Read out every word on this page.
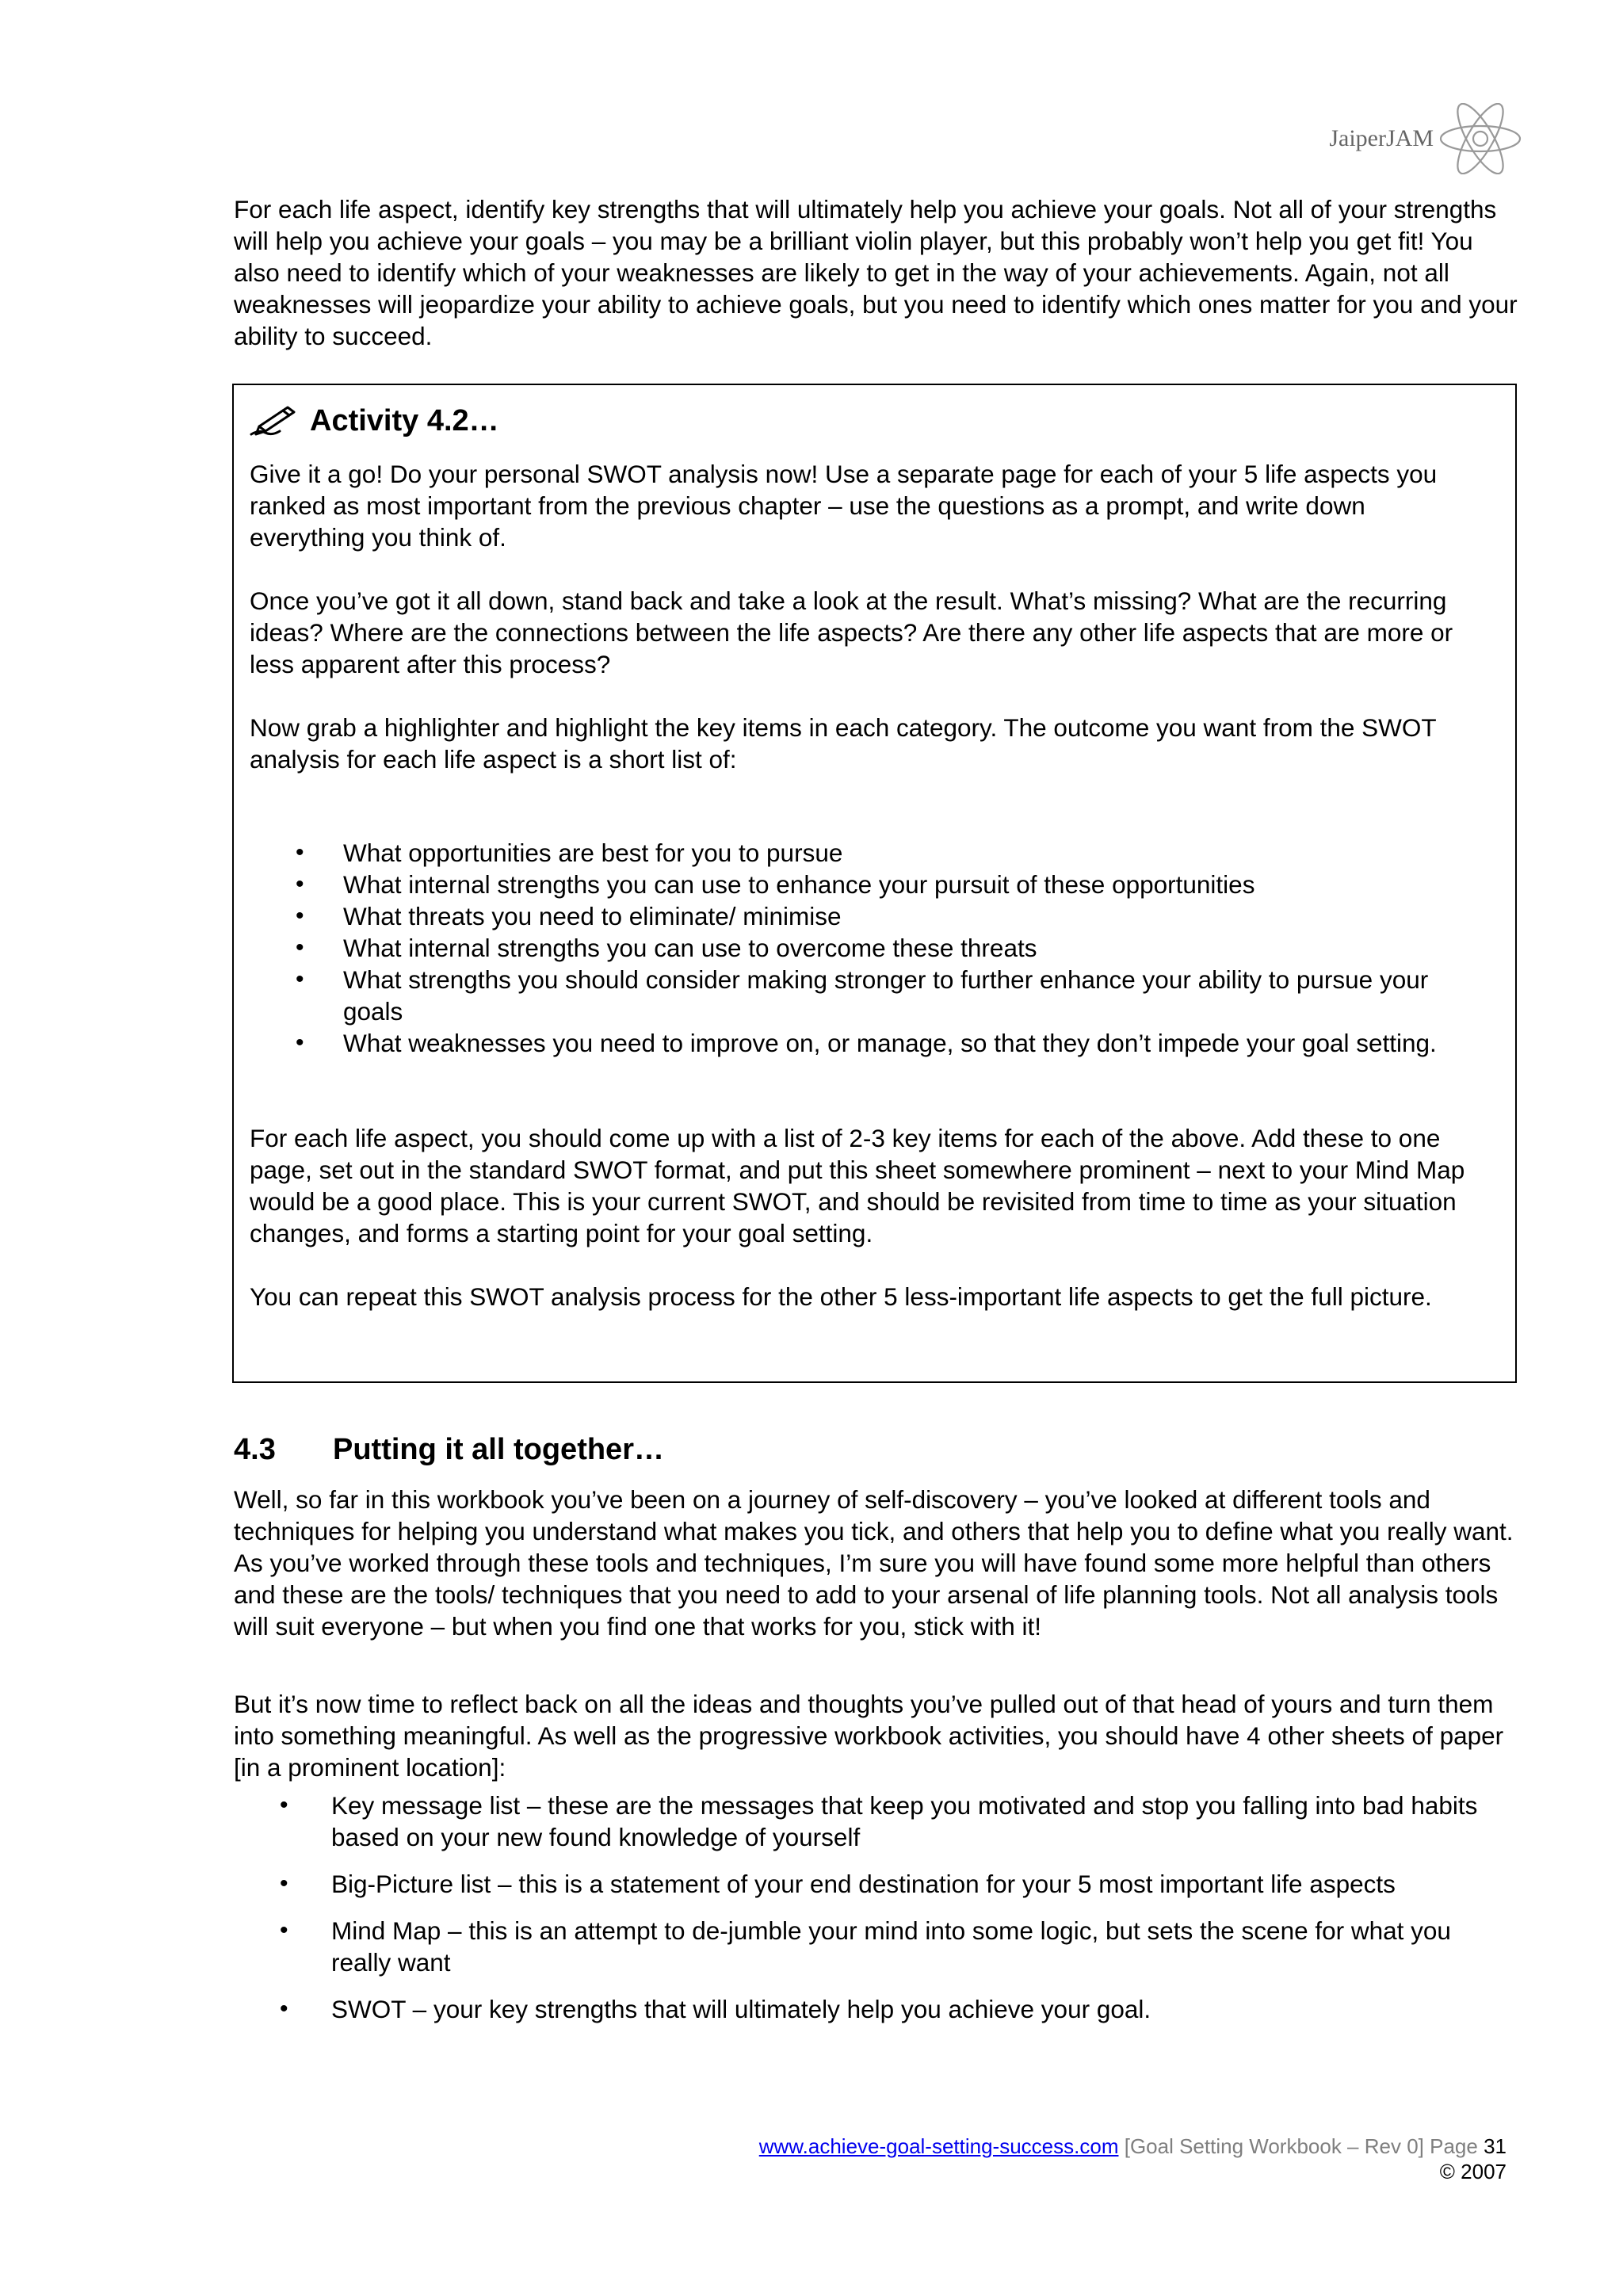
JaiperJAM

For each life aspect, identify key strengths that will ultimately help you achieve your goals. Not all of your strengths will help you achieve your goals – you may be a brilliant violin player, but this probably won’t help you get fit! You also need to identify which of your weaknesses are likely to get in the way of your achievements. Again, not all weaknesses will jeopardize your ability to achieve goals, but you need to identify which ones matter for you and your ability to succeed.

Activity 4.2…

Give it a go! Do your personal SWOT analysis now! Use a separate page for each of your 5 life aspects you ranked as most important from the previous chapter – use the questions as a prompt, and write down everything you think of.

Once you’ve got it all down, stand back and take a look at the result. What’s missing? What are the recurring ideas? Where are the connections between the life aspects? Are there any other life aspects that are more or less apparent after this process?

Now grab a highlighter and highlight the key items in each category. The outcome you want from the SWOT analysis for each life aspect is a short list of:

• What opportunities are best for you to pursue
• What internal strengths you can use to enhance your pursuit of these opportunities
• What threats you need to eliminate/ minimise
• What internal strengths you can use to overcome these threats
• What strengths you should consider making stronger to further enhance your ability to pursue your goals
• What weaknesses you need to improve on, or manage, so that they don’t impede your goal setting.

For each life aspect, you should come up with a list of 2-3 key items for each of the above. Add these to one page, set out in the standard SWOT format, and put this sheet somewhere prominent – next to your Mind Map would be a good place. This is your current SWOT, and should be revisited from time to time as your situation changes, and forms a starting point for your goal setting.

You can repeat this SWOT analysis process for the other 5 less-important life aspects to get the full picture.

4.3	Putting it all together…

Well, so far in this workbook you’ve been on a journey of self-discovery – you’ve looked at different tools and techniques for helping you understand what makes you tick, and others that help you to define what you really want. As you’ve worked through these tools and techniques, I’m sure you will have found some more helpful than others and these are the tools/ techniques that you need to add to your arsenal of life planning tools. Not all analysis tools will suit everyone – but when you find one that works for you, stick with it!

But it’s now time to reflect back on all the ideas and thoughts you’ve pulled out of that head of yours and turn them into something meaningful. As well as the progressive workbook activities, you should have 4 other sheets of paper [in a prominent location]:

• Key message list – these are the messages that keep you motivated and stop you falling into bad habits based on your new found knowledge of yourself
• Big-Picture list – this is a statement of your end destination for your 5 most important life aspects
• Mind Map – this is an attempt to de-jumble your mind into some logic, but sets the scene for what you really want
• SWOT – your key strengths that will ultimately help you achieve your goal.
www.achieve-goal-setting-success.com [Goal Setting Workbook – Rev 0] Page 31
© 2007
